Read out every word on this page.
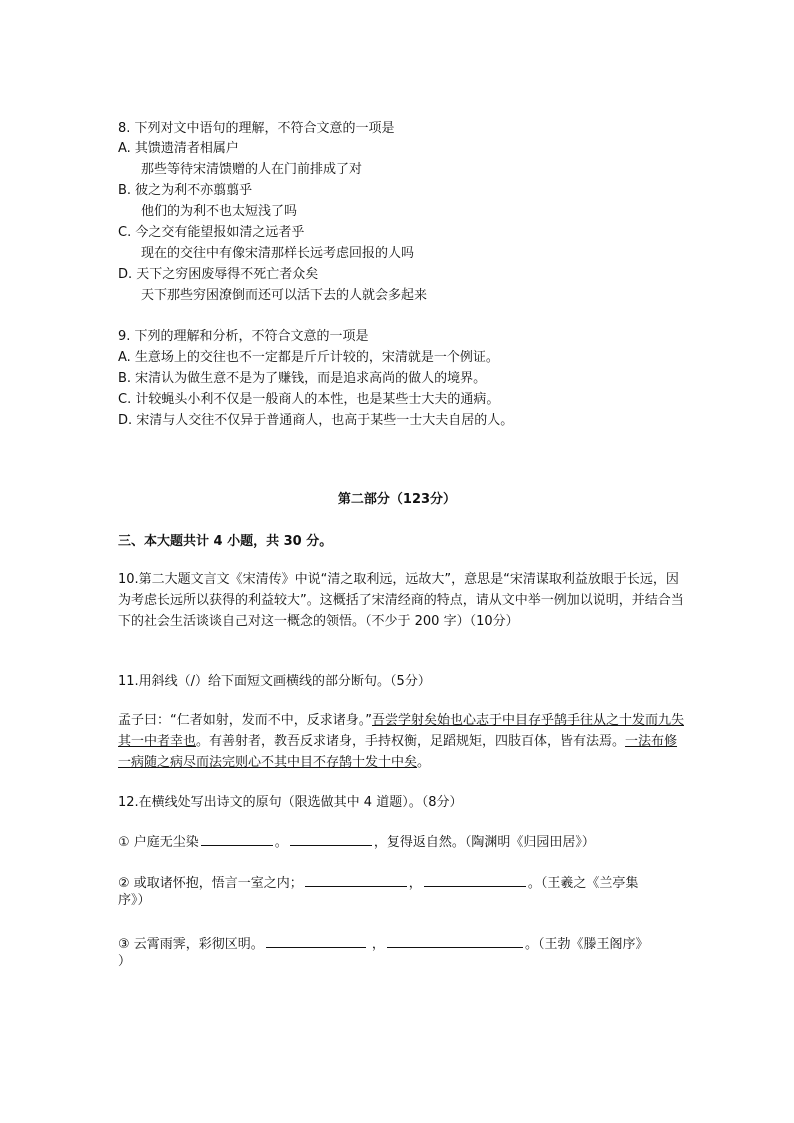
8. 下列对文中语句的理解，不符合文意的一项是
A. 其馈遗清者相属户
那些等待宋清馈赠的人在门前排成了对
B. 彼之为利不亦翦翦乎
他们的为利不也太短浅了吗
C. 今之交有能望报如清之远者乎
现在的交往中有像宋清那样长远考虑回报的人吗
D. 天下之穷困废辱得不死亡者众矣
天下那些穷困潦倒而还可以活下去的人就会多起来
9. 下列的理解和分析，不符合文意的一项是
A. 生意场上的交往也不一定都是斤斤计较的，宋清就是一个例证。
B. 宋清认为做生意不是为了赚钱，而是追求高尚的做人的境界。
C. 计较蝇头小利不仅是一般商人的本性，也是某些士大夫的通病。
D. 宋清与人交往不仅异于普通商人，也高于某些一士大夫自居的人。
第二部分（123分）
三、本大题共计 4 小题，共 30 分。
10.第二大题文言文《宋清传》中说“清之取利远，远故大”，意思是“宋清谋取利益放眼于长远，因为考虑长远所以获得的利益较大”。这概括了宋清经商的特点，请从文中举一例加以说明，并结合当下的社会生活谈谈自己对这一概念的领悟。（不少于 200 字）（10分）
11.用斜线（/）给下面短文画横线的部分断句。（5分）
孟子曰：“仁者如射，发而不中，反求诸身。”吾尝学射矣始也心志于中目存乎鹄手往从之十发而九失其一中者幸也。有善射者，教吾反求诸身，手持权衡，足蹈规矩，四肢百体，皆有法焉。一法布修一病随之病尽而法完则心不其中目不存鹄十发十中矣。
12.在横线处写出诗文的原句（限选做其中 4 道题）。（8分）
① 户庭无尘染	。	，复得返自然。（陶渊明《归园田居》）
② 或取诸怀抱，悟言一室之内；	，	。（王羲之《兰亭集
序》）
③ 云霄雨霁，彩彻区明。	，	。（王勃《滕王阁序》
）
